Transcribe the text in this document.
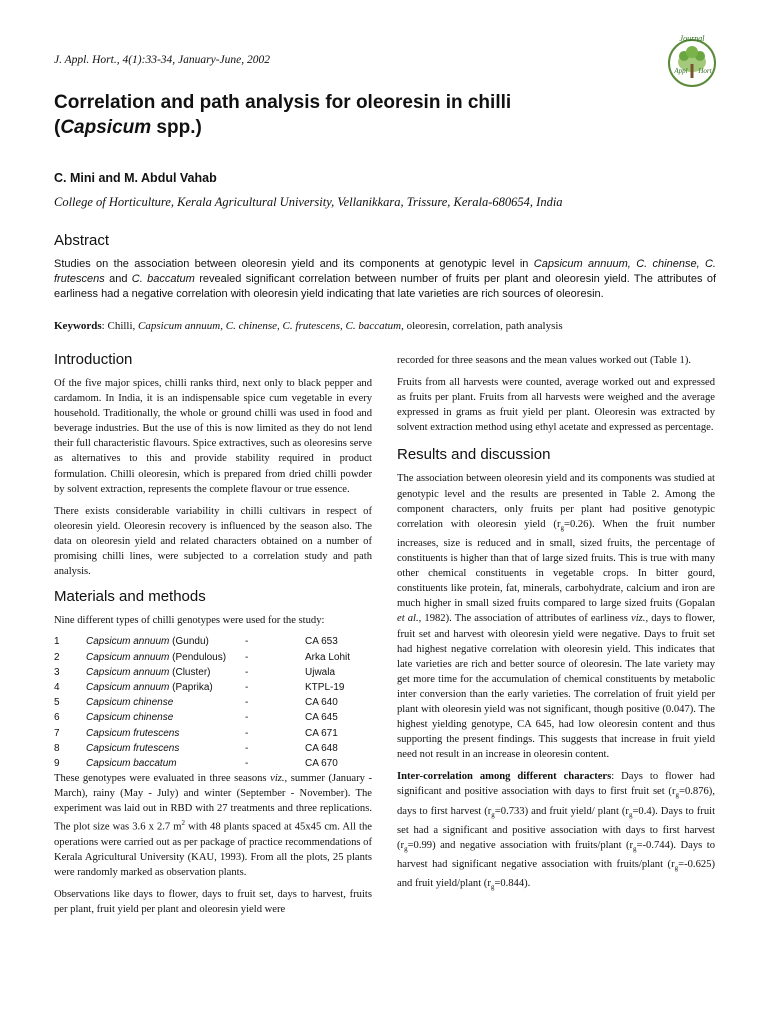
J. Appl. Hort., 4(1):33-34, January-June, 2002
Journal
Appl Hort
Correlation and path analysis for oleoresin in chilli
(Capsicum spp.)
C. Mini and M. Abdul Vahab
College of Horticulture, Kerala Agricultural University, Vellanikkara, Trissure, Kerala-680654, India
Abstract
Studies on the association between oleoresin yield and its components at genotypic level in Capsicum annuum, C. chinense, C. frutescens and C. baccatum revealed significant correlation between number of fruits per plant and oleoresin yield. The attributes of earliness had a negative correlation with oleoresin yield indicating that late varieties are rich sources of oleoresin.
Keywords: Chilli, Capsicum annuum, C. chinense, C. frutescens, C. baccatum, oleoresin, correlation, path analysis
Introduction

Of the five major spices, chilli ranks third, next only to black pepper and cardamom. In India, it is an indispensable spice cum vegetable in every household. Traditionally, the whole or ground chilli was used in food and beverage industries. But the use of this is now limited as they do not lend their full characteristic flavours. Spice extractives, such as oleoresins serve as alternatives to this and provide stability required in product formulation. Chilli oleoresin, which is prepared from dried chilli powder by solvent extraction, represents the complete flavour or true essence.

There exists considerable variability in chilli cultivars in respect of oleoresin yield. Oleoresin recovery is influenced by the season also. The data on oleoresin yield and related characters obtained on a number of promising chilli lines, were subjected to a correlation study and path analysis.

Materials and methods

Nine different types of chilli genotypes were used for the study:

1	Capsicum annuum (Gundu)	-	CA 653
2	Capsicum annuum (Pendulous)	-	Arka Lohit
3	Capsicum annuum (Cluster)	-	Ujwala
4	Capsicum annuum (Paprika)	-	KTPL-19
5	Capsicum chinense	-	CA 640
6	Capsicum chinense	-	CA 645
7	Capsicum frutescens	-	CA 671
8	Capsicum frutescens	-	CA 648
9	Capsicum baccatum	-	CA 670

These genotypes were evaluated in three seasons viz., summer (January - March), rainy (May - July) and winter (September - November). The experiment was laid out in RBD with 27 treatments and three replications. The plot size was 3.6 x 2.7 $m^2$ with 48 plants spaced at 45x45 cm. All the operations were carried out as per package of practice recommendations of Kerala Agricultural University (KAU, 1993). From all the plots, 25 plants were randomly marked as observation plants.

Observations like days to flower, days to fruit set, days to harvest, fruits per plant, fruit yield per plant and oleoresin yield were

recorded for three seasons and the mean values worked out (Table 1).

Fruits from all harvests were counted, average worked out and expressed as fruits per plant. Fruits from all harvests were weighed and the average expressed in grams as fruit yield per plant. Oleoresin was extracted by solvent extraction method using ethyl acetate and expressed as percentage.

Results and discussion

The association between oleoresin yield and its components was studied at genotypic level and the results are presented in Table 2. Among the component characters, only fruits per plant had positive genotypic correlation with oleoresin yield $(r_g=0.26)$. When the fruit number increases, size is reduced and in small, sized fruits, the percentage of constituents is higher than that of large sized fruits. This is true with many other chemical constituents in vegetable crops. In bitter gourd, constituents like protein, fat, minerals, carbohydrate, calcium and iron are much higher in small sized fruits compared to large sized fruits (Gopalan et al., 1982). The association of attributes of earliness viz., days to flower, fruit set and harvest with oleoresin yield were negative. Days to fruit set had highest negative correlation with oleoresin yield. This indicates that late varieties are rich and better source of oleoresin. The late variety may get more time for the accumulation of chemical constituents by metabolic inter conversion than the early varieties. The correlation of fruit yield per plant with oleoresin yield was not significant, though positive (0.047). The highest yielding genotype, CA 645, had low oleoresin content and thus supporting the present findings. This suggests that increase in fruit yield need not result in an increase in oleoresin content.

Inter-correlation among different characters: Days to flower had significant and positive association with days to first fruit set $(r_g=0.876)$, days to first harvest $(r_g=0.733)$ and fruit yield/ plant $(r_g=0.4)$. Days to fruit set had a significant and positive association with days to first harvest $(r_g=0.99)$ and negative association with fruits/plant $(r_g=-0.744)$. Days to harvest had significant negative association with fruits/plant $(r_g=-0.625)$ and fruit yield/plant $(r_g=0.844)$.
